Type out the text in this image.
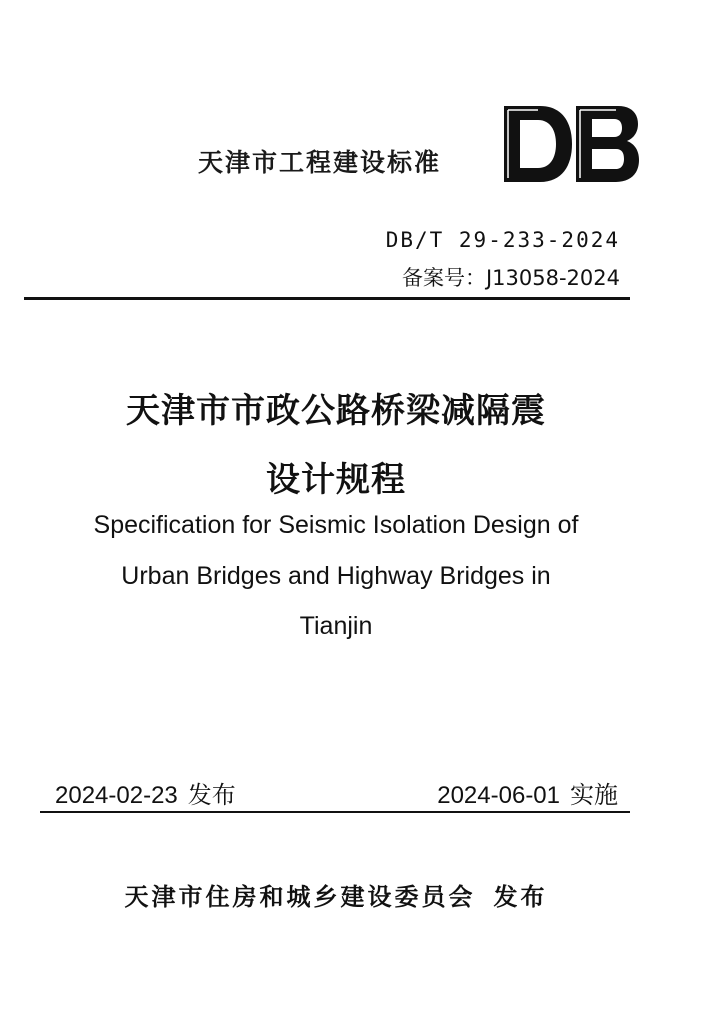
天津市工程建设标准
DB/T 29-233-2024
备案号：J13058-2024
天津市市政公路桥梁减隔震
设计规程
Specification for Seismic Isolation Design of
Urban Bridges and Highway Bridges in
Tianjin
2024-02-23 发布	2024-06-01 实施
天津市住房和城乡建设委员会 发布
